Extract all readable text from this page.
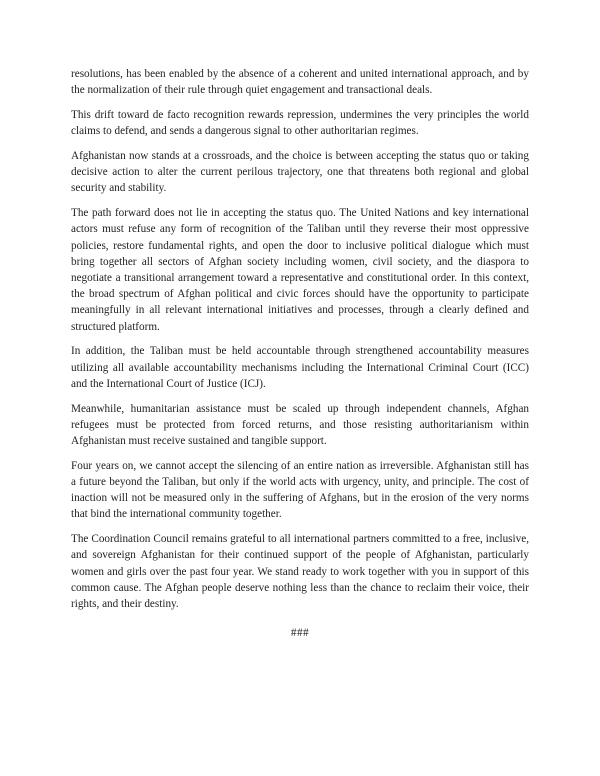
resolutions, has been enabled by the absence of a coherent and united international approach, and by the normalization of their rule through quiet engagement and transactional deals.

This drift toward de facto recognition rewards repression, undermines the very principles the world claims to defend, and sends a dangerous signal to other authoritarian regimes.

Afghanistan now stands at a crossroads, and the choice is between accepting the status quo or taking decisive action to alter the current perilous trajectory, one that threatens both regional and global security and stability.

The path forward does not lie in accepting the status quo. The United Nations and key international actors must refuse any form of recognition of the Taliban until they reverse their most oppressive policies, restore fundamental rights, and open the door to inclusive political dialogue which must bring together all sectors of Afghan society including women, civil society, and the diaspora to negotiate a transitional arrangement toward a representative and constitutional order. In this context, the broad spectrum of Afghan political and civic forces should have the opportunity to participate meaningfully in all relevant international initiatives and processes, through a clearly defined and structured platform.

In addition, the Taliban must be held accountable through strengthened accountability measures utilizing all available accountability mechanisms including the International Criminal Court (ICC) and the International Court of Justice (ICJ).

Meanwhile, humanitarian assistance must be scaled up through independent channels, Afghan refugees must be protected from forced returns, and those resisting authoritarianism within Afghanistan must receive sustained and tangible support.

Four years on, we cannot accept the silencing of an entire nation as irreversible. Afghanistan still has a future beyond the Taliban, but only if the world acts with urgency, unity, and principle. The cost of inaction will not be measured only in the suffering of Afghans, but in the erosion of the very norms that bind the international community together.

The Coordination Council remains grateful to all international partners committed to a free, inclusive, and sovereign Afghanistan for their continued support of the people of Afghanistan, particularly women and girls over the past four year. We stand ready to work together with you in support of this common cause. The Afghan people deserve nothing less than the chance to reclaim their voice, their rights, and their destiny.

###
